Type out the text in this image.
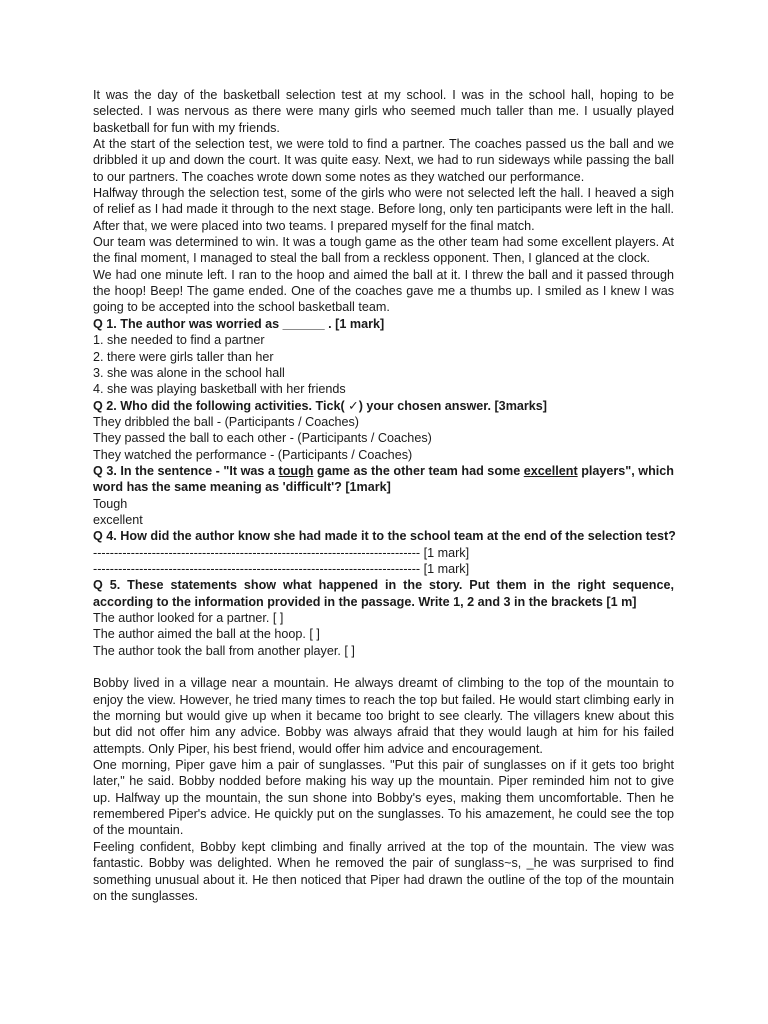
It was the day of the basketball selection test at my school. I was in the school hall, hoping to be selected. I was nervous as there were many girls who seemed much taller than me. I usually played basketball for fun with my friends.

At the start of the selection test, we were told to find a partner. The coaches passed us the ball and we dribbled it up and down the court. It was quite easy. Next, we had to run sideways while passing the ball to our partners. The coaches wrote down some notes as they watched our performance.

Halfway through the selection test, some of the girls who were not selected left the hall. I heaved a sigh of relief as I had made it through to the next stage. Before long, only ten participants were left in the hall. After that, we were placed into two teams. I prepared myself for the final match.

Our team was determined to win. It was a tough game as the other team had some excellent players. At the final moment, I managed to steal the ball from a reckless opponent. Then, I glanced at the clock.

We had one minute left. I ran to the hoop and aimed the ball at it. I threw the ball and it passed through the hoop! Beep! The game ended. One of the coaches gave me a thumbs up. I smiled as I knew I was going to be accepted into the school basketball team.

Q 1. The author was worried as ______ . [1 mark]

1. she needed to find a partner

2. there were girls taller than her

3. she was alone in the school hall

4. she was playing basketball with her friends

Q 2. Who did the following activities. Tick( ✓) your chosen answer. [3marks]

They dribbled the ball - (Participants / Coaches)

They passed the ball to each other - (Participants / Coaches)

They watched the performance - (Participants / Coaches)

Q 3. In the sentence - "It was a tough game as the other team had some excellent players", which word has the same meaning as 'difficult'? [1mark]

Tough

excellent

Q 4. How did the author know she had made it to the school team at the end of the selection test?

------------------------------------------------------------------------------ [1 mark]

------------------------------------------------------------------------------ [1 mark]

Q 5. These statements show what happened in the story. Put them in the right sequence, according to the information provided in the passage. Write 1, 2 and 3 in the brackets [1 m]

The author looked for a partner. [ ]

The author aimed the ball at the hoop. [ ]

The author took the ball from another player. [ ]

Bobby lived in a village near a mountain. He always dreamt of climbing to the top of the mountain to enjoy the view. However, he tried many times to reach the top but failed. He would start climbing early in the morning but would give up when it became too bright to see clearly. The villagers knew about this but did not offer him any advice. Bobby was always afraid that they would laugh at him for his failed attempts. Only Piper, his best friend, would offer him advice and encouragement.

One morning, Piper gave him a pair of sunglasses. "Put this pair of sunglasses on if it gets too bright later," he said. Bobby nodded before making his way up the mountain. Piper reminded him not to give up. Halfway up the mountain, the sun shone into Bobby's eyes, making them uncomfortable. Then he remembered Piper's advice. He quickly put on the sunglasses. To his amazement, he could see the top of the mountain.

Feeling confident, Bobby kept climbing and finally arrived at the top of the mountain. The view was fantastic. Bobby was delighted. When he removed the pair of sunglass~s, _he was surprised to find something unusual about it. He then noticed that Piper had drawn the outline of the top of the mountain on the sunglasses.
